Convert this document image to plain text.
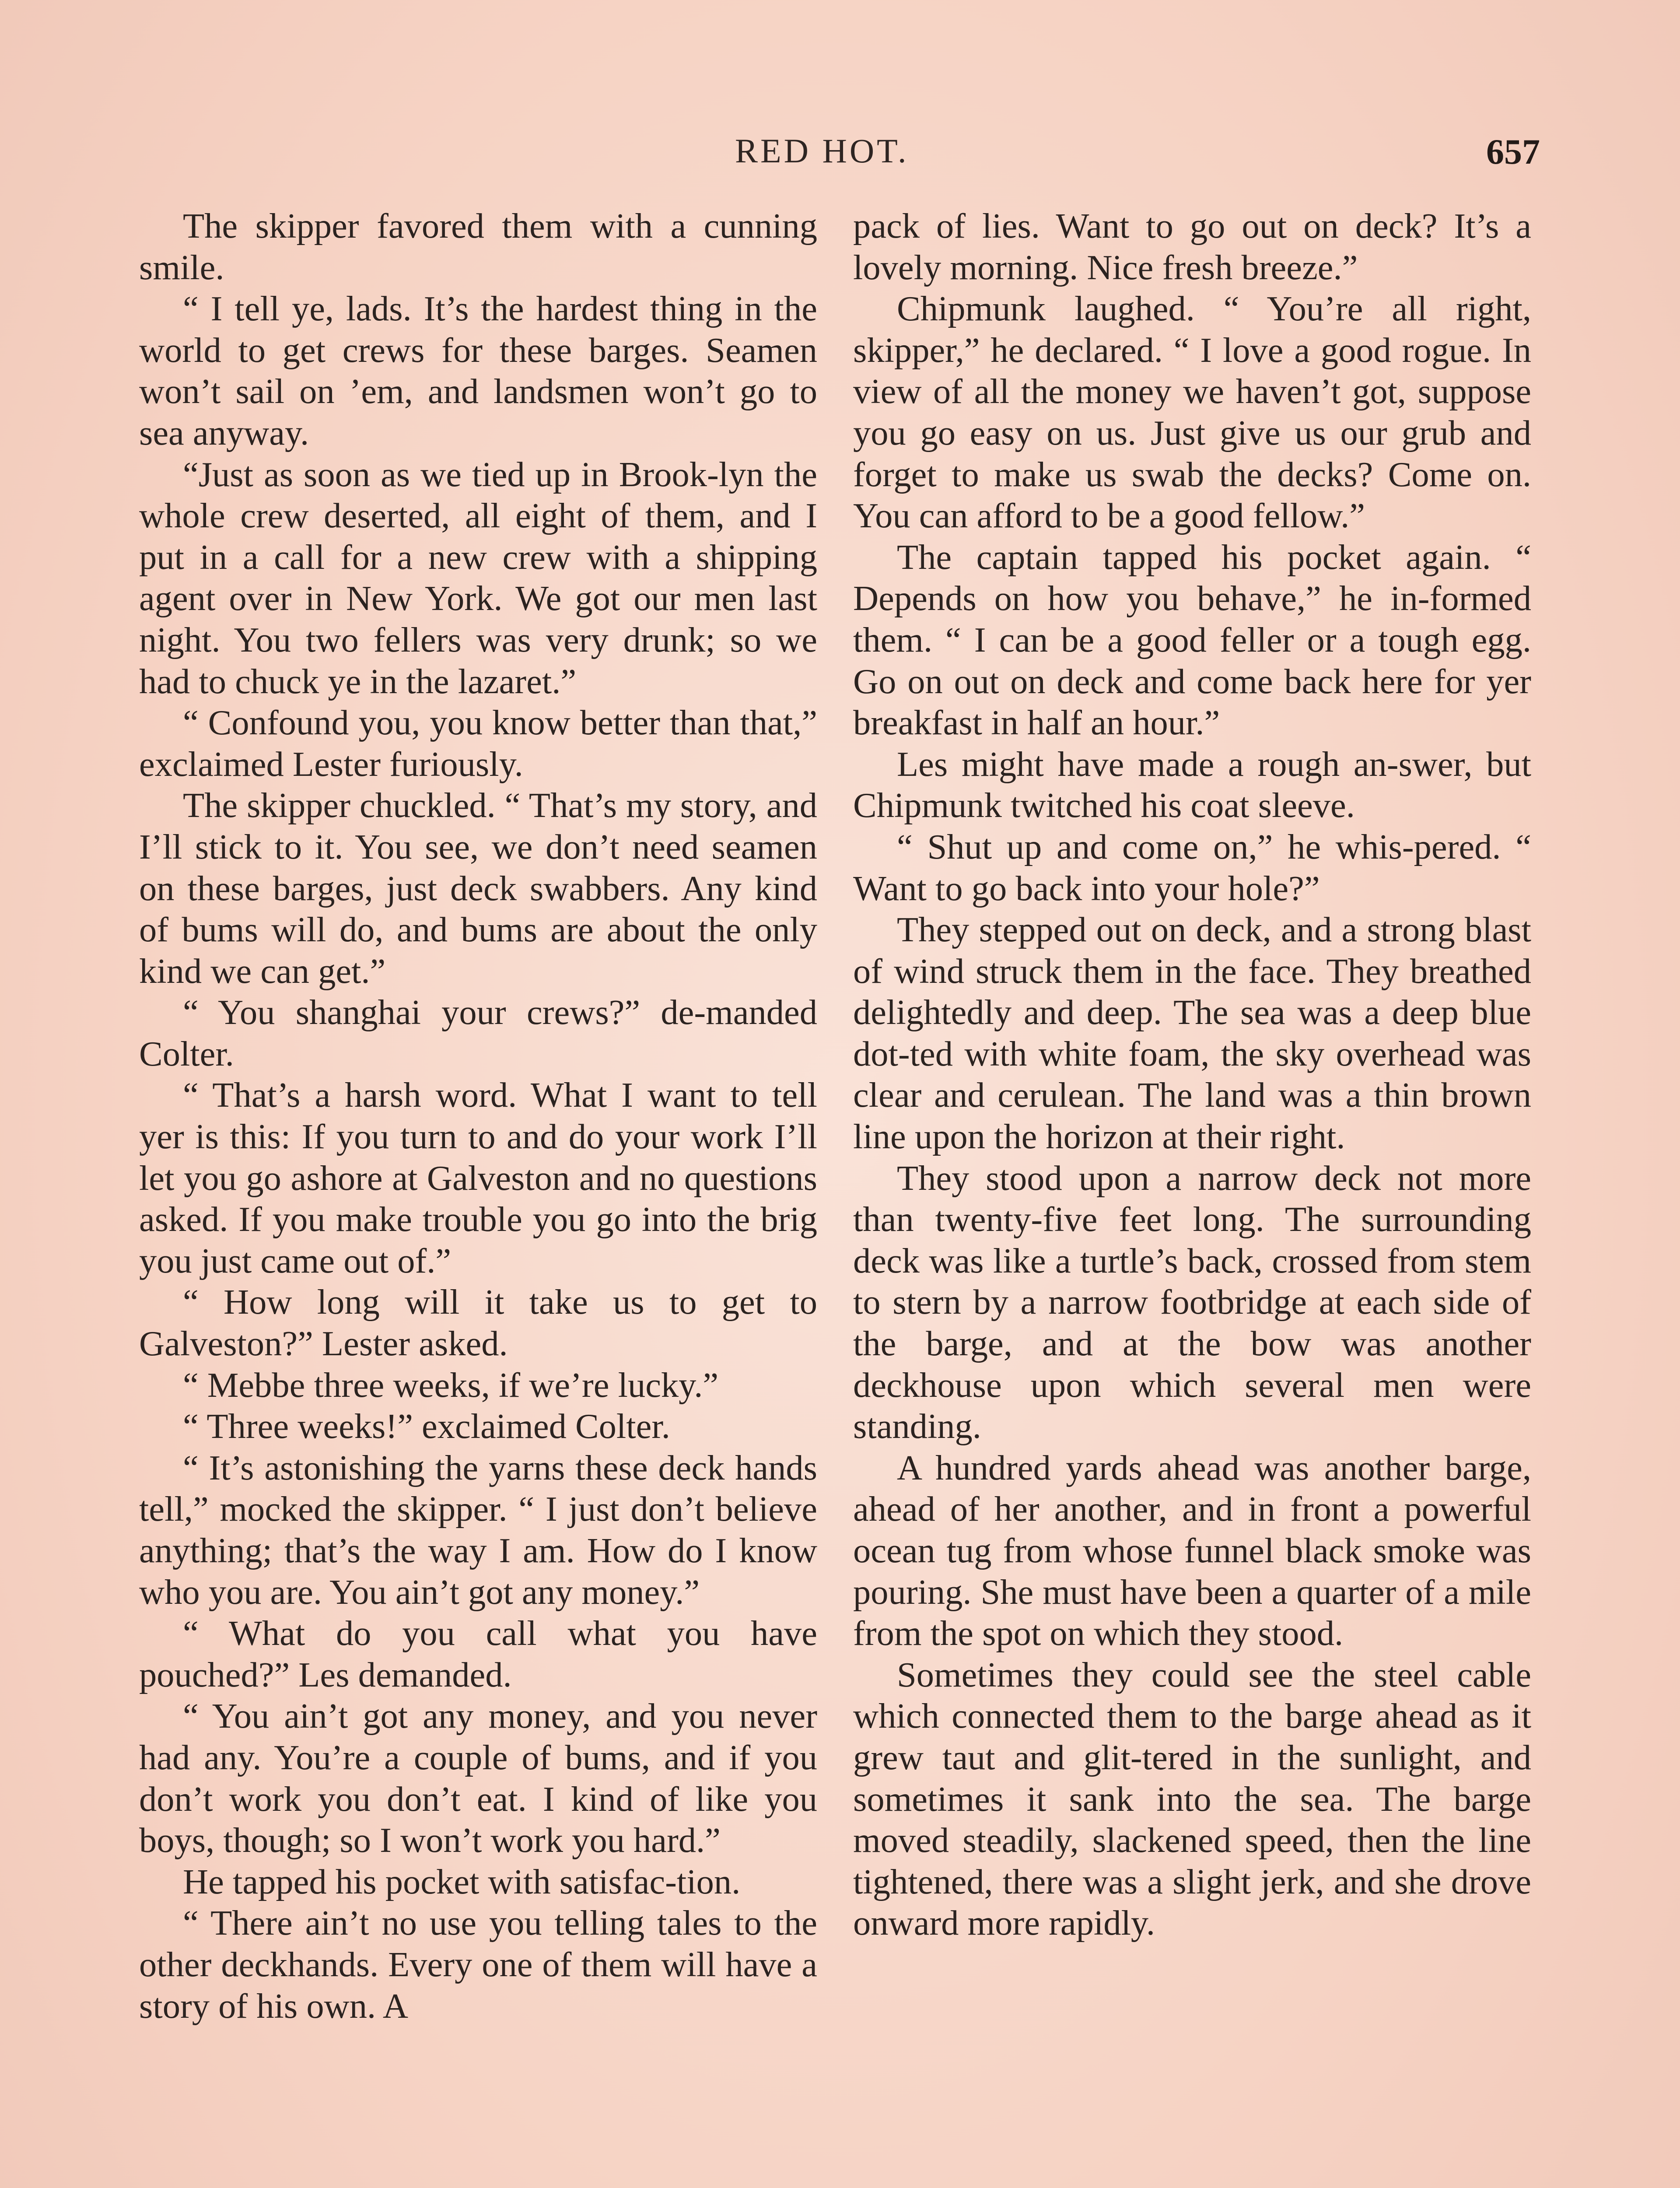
RED HOT.	657

The skipper favored them with a cunning smile.

“ I tell ye, lads. It’s the hardest thing in the world to get crews for these barges. Seamen won’t sail on ’em, and landsmen won’t go to sea anyway.

“Just as soon as we tied up in Brook-lyn the whole crew deserted, all eight of them, and I put in a call for a new crew with a shipping agent over in New York. We got our men last night. You two fellers was very drunk; so we had to chuck ye in the lazaret.”

“ Confound you, you know better than that,” exclaimed Lester furiously.

The skipper chuckled. “ That’s my story, and I’ll stick to it. You see, we don’t need seamen on these barges, just deck swabbers. Any kind of bums will do, and bums are about the only kind we can get.”

“ You shanghai your crews?” de-manded Colter.

“ That’s a harsh word. What I want to tell yer is this: If you turn to and do your work I’ll let you go ashore at Galveston and no questions asked. If you make trouble you go into the brig you just came out of.”

“ How long will it take us to get to Galveston?” Lester asked.

“ Mebbe three weeks, if we’re lucky.”

“ Three weeks!” exclaimed Colter.

“ It’s astonishing the yarns these deck hands tell,” mocked the skipper. “ I just don’t believe anything; that’s the way I am. How do I know who you are. You ain’t got any money.”

“ What do you call what you have pouched?” Les demanded.

“ You ain’t got any money, and you never had any. You’re a couple of bums, and if you don’t work you don’t eat. I kind of like you boys, though; so I won’t work you hard.”

He tapped his pocket with satisfac-tion.

“ There ain’t no use you telling tales to the other deckhands. Every one of them will have a story of his own. A

pack of lies. Want to go out on deck? It’s a lovely morning. Nice fresh breeze.”

Chipmunk laughed. “ You’re all right, skipper,” he declared. “ I love a good rogue. In view of all the money we haven’t got, suppose you go easy on us. Just give us our grub and forget to make us swab the decks? Come on. You can afford to be a good fellow.”

The captain tapped his pocket again. “ Depends on how you behave,” he in-formed them. “ I can be a good feller or a tough egg. Go on out on deck and come back here for yer breakfast in half an hour.”

Les might have made a rough an-swer, but Chipmunk twitched his coat sleeve.

“ Shut up and come on,” he whis-pered. “ Want to go back into your hole?”

They stepped out on deck, and a strong blast of wind struck them in the face. They breathed delightedly and deep. The sea was a deep blue dot-ted with white foam, the sky overhead was clear and cerulean. The land was a thin brown line upon the horizon at their right.

They stood upon a narrow deck not more than twenty-five feet long. The surrounding deck was like a turtle’s back, crossed from stem to stern by a narrow footbridge at each side of the barge, and at the bow was another deckhouse upon which several men were standing.

A hundred yards ahead was another barge, ahead of her another, and in front a powerful ocean tug from whose funnel black smoke was pouring. She must have been a quarter of a mile from the spot on which they stood.

Sometimes they could see the steel cable which connected them to the barge ahead as it grew taut and glit-tered in the sunlight, and sometimes it sank into the sea. The barge moved steadily, slackened speed, then the line tightened, there was a slight jerk, and she drove onward more rapidly.
